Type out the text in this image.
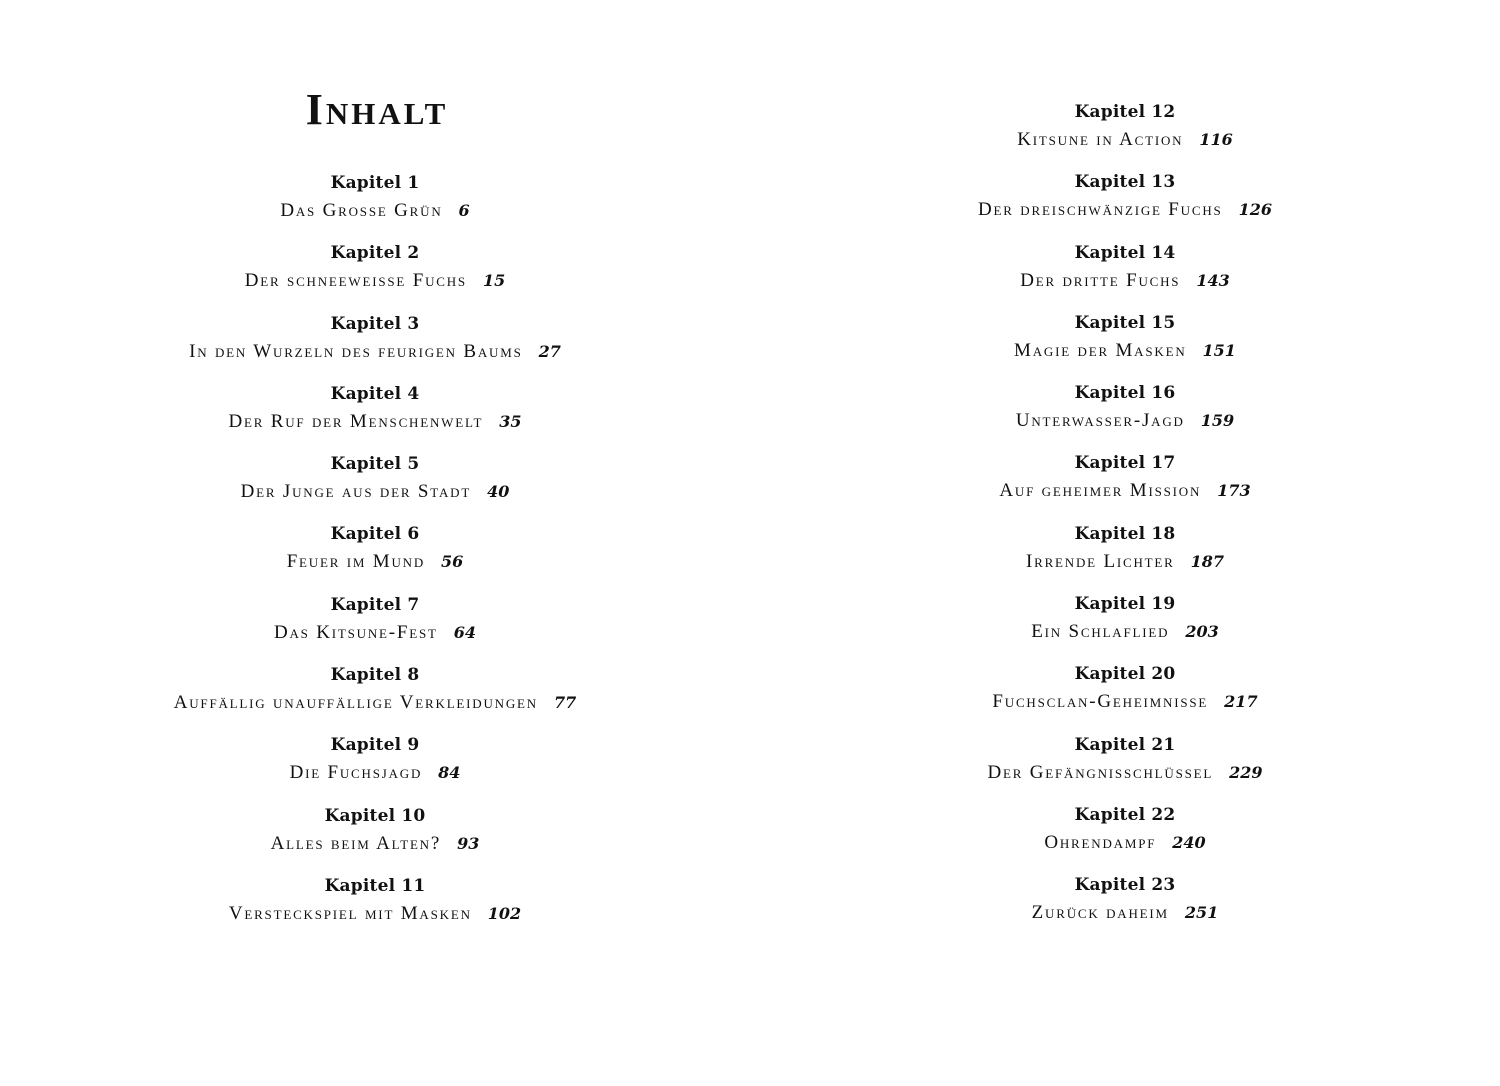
Inhalt
Kapitel 1
Das Grosse Grün 6
Kapitel 2
Der schneeweisse Fuchs 15
Kapitel 3
In den Wurzeln des feurigen Baums 27
Kapitel 4
Der Ruf der Menschenwelt 35
Kapitel 5
Der Junge aus der Stadt 40
Kapitel 6
Feuer im Mund 56
Kapitel 7
Das Kitsune-Fest 64
Kapitel 8
Auffällig unauffällige Verkleidungen 77
Kapitel 9
Die Fuchsjagd 84
Kapitel 10
Alles beim Alten? 93
Kapitel 11
Versteckspiel mit Masken 102
Kapitel 12
Kitsune in Action 116
Kapitel 13
Der dreischwänzige Fuchs 126
Kapitel 14
Der dritte Fuchs 143
Kapitel 15
Magie der Masken 151
Kapitel 16
Unterwasser-Jagd 159
Kapitel 17
Auf geheimer Mission 173
Kapitel 18
Irrende Lichter 187
Kapitel 19
Ein Schlaflied 203
Kapitel 20
Fuchsclan-Geheimnisse 217
Kapitel 21
Der Gefängnisschlüssel 229
Kapitel 22
Ohrendampf 240
Kapitel 23
Zurück daheim 251
